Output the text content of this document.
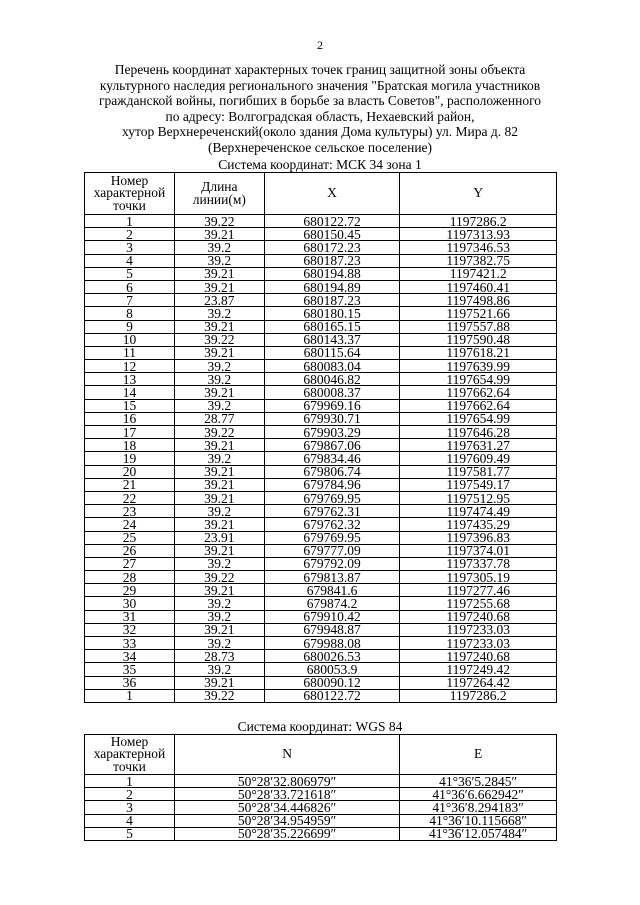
2
Перечень координат характерных точек границ защитной зоны объекта
культурного наследия регионального значения "Братская могила участников
гражданской войны, погибших в борьбе за власть Советов", расположенного
по адресу: Волгоградская область, Нехаевский район,
хутор Верхнереченский(около здания Дома культуры) ул. Мира д. 82
(Верхнереченское сельское поселение)
Система координат: МСК 34 зона 1
Номер характерной точки	Длина линии(м)	X	Y
1	39.22	680122.72	1197286.2
2	39.21	680150.45	1197313.93
3	39.2	680172.23	1197346.53
4	39.2	680187.23	1197382.75
5	39.21	680194.88	1197421.2
6	39.21	680194.89	1197460.41
7	23.87	680187.23	1197498.86
8	39.2	680180.15	1197521.66
9	39.21	680165.15	1197557.88
10	39.22	680143.37	1197590.48
11	39.21	680115.64	1197618.21
12	39.2	680083.04	1197639.99
13	39.2	680046.82	1197654.99
14	39.21	680008.37	1197662.64
15	39.2	679969.16	1197662.64
16	28.77	679930.71	1197654.99
17	39.22	679903.29	1197646.28
18	39.21	679867.06	1197631.27
19	39.2	679834.46	1197609.49
20	39.21	679806.74	1197581.77
21	39.21	679784.96	1197549.17
22	39.21	679769.95	1197512.95
23	39.2	679762.31	1197474.49
24	39.21	679762.32	1197435.29
25	23.91	679769.95	1197396.83
26	39.21	679777.09	1197374.01
27	39.2	679792.09	1197337.78
28	39.22	679813.87	1197305.19
29	39.21	679841.6	1197277.46
30	39.2	679874.2	1197255.68
31	39.2	679910.42	1197240.68
32	39.21	679948.87	1197233.03
33	39.2	679988.08	1197233.03
34	28.73	680026.53	1197240.68
35	39.2	680053.9	1197249.42
36	39.21	680090.12	1197264.42
1	39.22	680122.72	1197286.2
Система координат: WGS 84
Номер характерной точки	N	E
1	50°28′32.806979″	41°36′5.2845″
2	50°28′33.721618″	41°36′6.662942″
3	50°28′34.446826″	41°36′8.294183″
4	50°28′34.954959″	41°36′10.115668″
5	50°28′35.226699″	41°36′12.057484″
